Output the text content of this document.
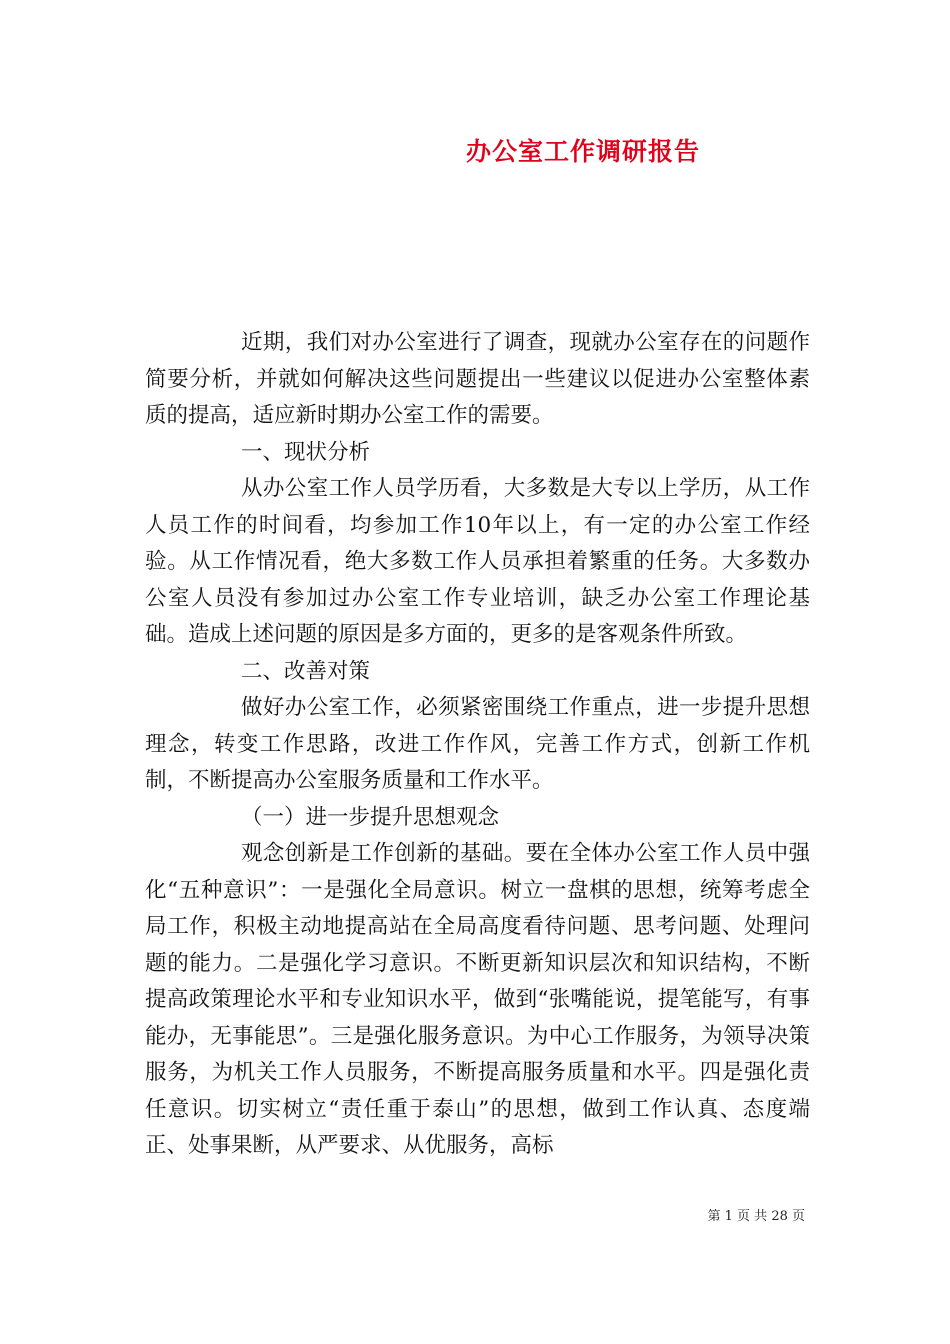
办公室工作调研报告

近期，我们对办公室进行了调查，现就办公室存在的问题作简要分析，并就如何解决这些问题提出一些建议以促进办公室整体素质的提高，适应新时期办公室工作的需要。

一、现状分析

从办公室工作人员学历看，大多数是大专以上学历，从工作人员工作的时间看，均参加工作10年以上，有一定的办公室工作经验。从工作情况看，绝大多数工作人员承担着繁重的任务。大多数办公室人员没有参加过办公室工作专业培训，缺乏办公室工作理论基础。造成上述问题的原因是多方面的，更多的是客观条件所致。

二、改善对策

做好办公室工作，必须紧密围绕工作重点，进一步提升思想理念，转变工作思路，改进工作作风，完善工作方式，创新工作机制，不断提高办公室服务质量和工作水平。

（一）进一步提升思想观念

观念创新是工作创新的基础。要在全体办公室工作人员中强化“五种意识”：一是强化全局意识。树立一盘棋的思想，统筹考虑全局工作，积极主动地提高站在全局高度看待问题、思考问题、处理问题的能力。二是强化学习意识。不断更新知识层次和知识结构，不断提高政策理论水平和专业知识水平，做到“张嘴能说，提笔能写，有事能办，无事能思”。三是强化服务意识。为中心工作服务，为领导决策服务，为机关工作人员服务，不断提高服务质量和水平。四是强化责任意识。切实树立“责任重于泰山”的思想，做到工作认真、态度端正、处事果断，从严要求、从优服务，高标

第 1 页 共 28 页
